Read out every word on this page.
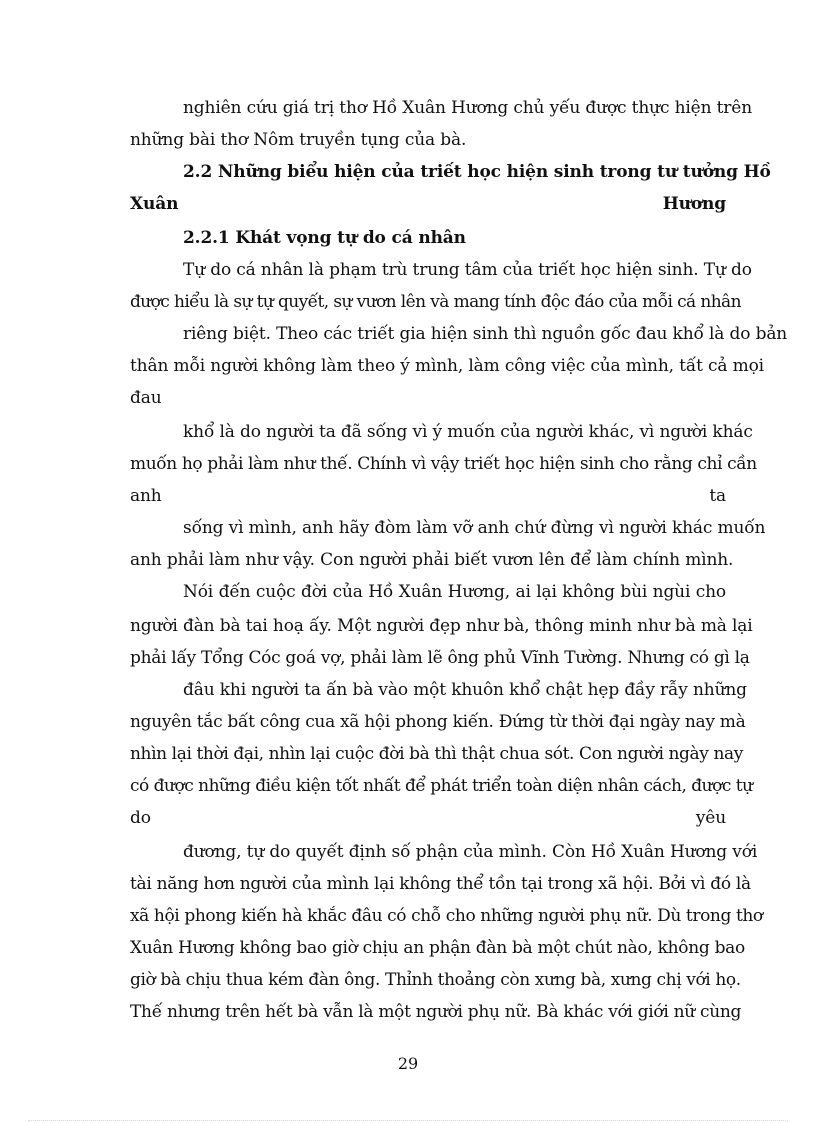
nghiên cứu giá trị thơ Hồ Xuân Hương chủ yếu được thực hiện trên
những bài thơ Nôm truyền tụng của bà.
2.2 Những biểu hiện của triết học hiện sinh trong tư tưởng Hồ
Xuân	Hương
2.2.1 Khát vọng tự do cá nhân
Tự do cá nhân là phạm trù trung tâm của triết học hiện sinh. Tự do
được hiểu là sự tự quyết, sự vươn lên và mang tính độc đáo của mỗi cá nhân
riêng biệt. Theo các triết gia hiện sinh thì nguồn gốc đau khổ là do bản
thân mỗi người không làm theo ý mình, làm công việc của mình, tất cả mọi
đau
khổ là do người ta đã sống vì ý muốn của người khác, vì người khác
muốn họ phải làm như thế. Chính vì vậy triết học hiện sinh cho rằng chỉ cần
anh	ta
sống vì mình, anh hãy đòm làm vỡ anh chứ đừng vì người khác muốn
anh phải làm như vậy. Con người phải biết vươn lên để làm chính mình.
Nói đến cuộc đời của Hồ Xuân Hương, ai lại không bùi ngùi cho
người đàn bà tai hoạ ấy. Một người đẹp như bà, thông minh như bà mà lại
phải lấy Tổng Cóc goá vợ, phải làm lẽ ông phủ Vĩnh Tường. Nhưng có gì lạ
đâu khi người ta ấn bà vào một khuôn khổ chật hẹp đầy rẫy những
nguyên tắc bất công cua xã hội phong kiến. Đứng từ thời đại ngày nay mà
nhìn lại thời đại, nhìn lại cuộc đời bà thì thật chua sót. Con người ngày nay
có được những điều kiện tốt nhất để phát triển toàn diện nhân cách, được tự
do	yêu
đương, tự do quyết định số phận của mình. Còn Hồ Xuân Hương với
tài năng hơn người của mình lại không thể tồn tại trong xã hội. Bởi vì đó là
xã hội phong kiến hà khắc đâu có chỗ cho những người phụ nữ. Dù trong thơ
Xuân Hương không bao giờ chịu an phận đàn bà một chút nào, không bao
giờ bà chịu thua kém đàn ông. Thỉnh thoảng còn xưng bà, xưng chị với họ.
Thế nhưng trên hết bà vẫn là một người phụ nữ. Bà khác với giới nữ cùng
29
